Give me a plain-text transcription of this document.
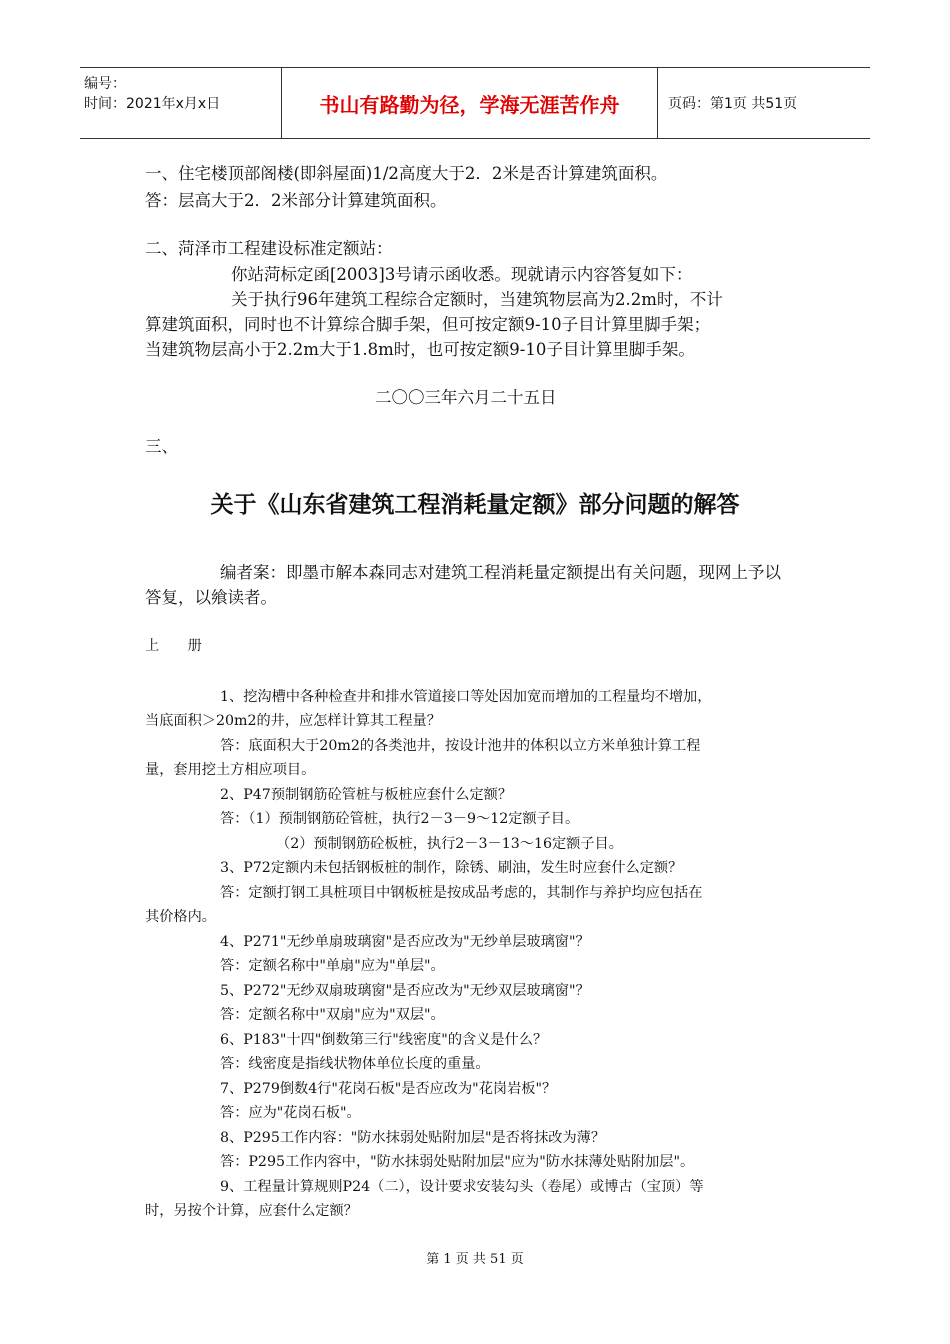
编号：
时间：2021年x月x日	书山有路勤为径，学海无涯苦作舟	页码：第1页 共51页
一、住宅楼顶部阁楼(即斜屋面)1/2高度大于2．2米是否计算建筑面积。
答：层高大于2．2米部分计算建筑面积。
二、菏泽市工程建设标准定额站：
你站菏标定函[2003]3号请示函收悉。现就请示内容答复如下：
关于执行96年建筑工程综合定额时，当建筑物层高为2.2m时，不计
算建筑面积，同时也不计算综合脚手架，但可按定额9-10子目计算里脚手架；
当建筑物层高小于2.2m大于1.8m时，也可按定额9-10子目计算里脚手架。
二〇〇三年六月二十五日
三、
关于《山东省建筑工程消耗量定额》部分问题的解答
编者案：即墨市解本森同志对建筑工程消耗量定额提出有关问题，现网上予以
答复，以飨读者。
上　　册
1、挖沟槽中各种检查井和排水管道接口等处因加宽而增加的工程量均不增加，
当底面积＞20m2的井，应怎样计算其工程量？
答：底面积大于20m2的各类池井，按设计池井的体积以立方米单独计算工程
量，套用挖土方相应项目。
2、P47预制钢筋砼管桩与板桩应套什么定额？
答：（1）预制钢筋砼管桩，执行2－3－9～12定额子目。
（2）预制钢筋砼板桩，执行2－3－13～16定额子目。
3、P72定额内未包括钢板桩的制作，除锈、刷油，发生时应套什么定额？
答：定额打钢工具桩项目中钢板桩是按成品考虑的，其制作与养护均应包括在
其价格内。
4、P271"无纱单扇玻璃窗"是否应改为"无纱单层玻璃窗"？
答：定额名称中"单扇"应为"单层"。
5、P272"无纱双扇玻璃窗"是否应改为"无纱双层玻璃窗"？
答：定额名称中"双扇"应为"双层"。
6、P183"十四"倒数第三行"线密度"的含义是什么？
答：线密度是指线状物体单位长度的重量。
7、P279倒数4行"花岗石板"是否应改为"花岗岩板"？
答：应为"花岗石板"。
8、P295工作内容："防水抹弱处贴附加层"是否将抹改为薄？
答：P295工作内容中，"防水抹弱处贴附加层"应为"防水抹薄处贴附加层"。
9、工程量计算规则P24（二），设计要求安装勾头（卷尾）或博古（宝顶）等
时，另按个计算，应套什么定额？
第 1 页 共 51 页
